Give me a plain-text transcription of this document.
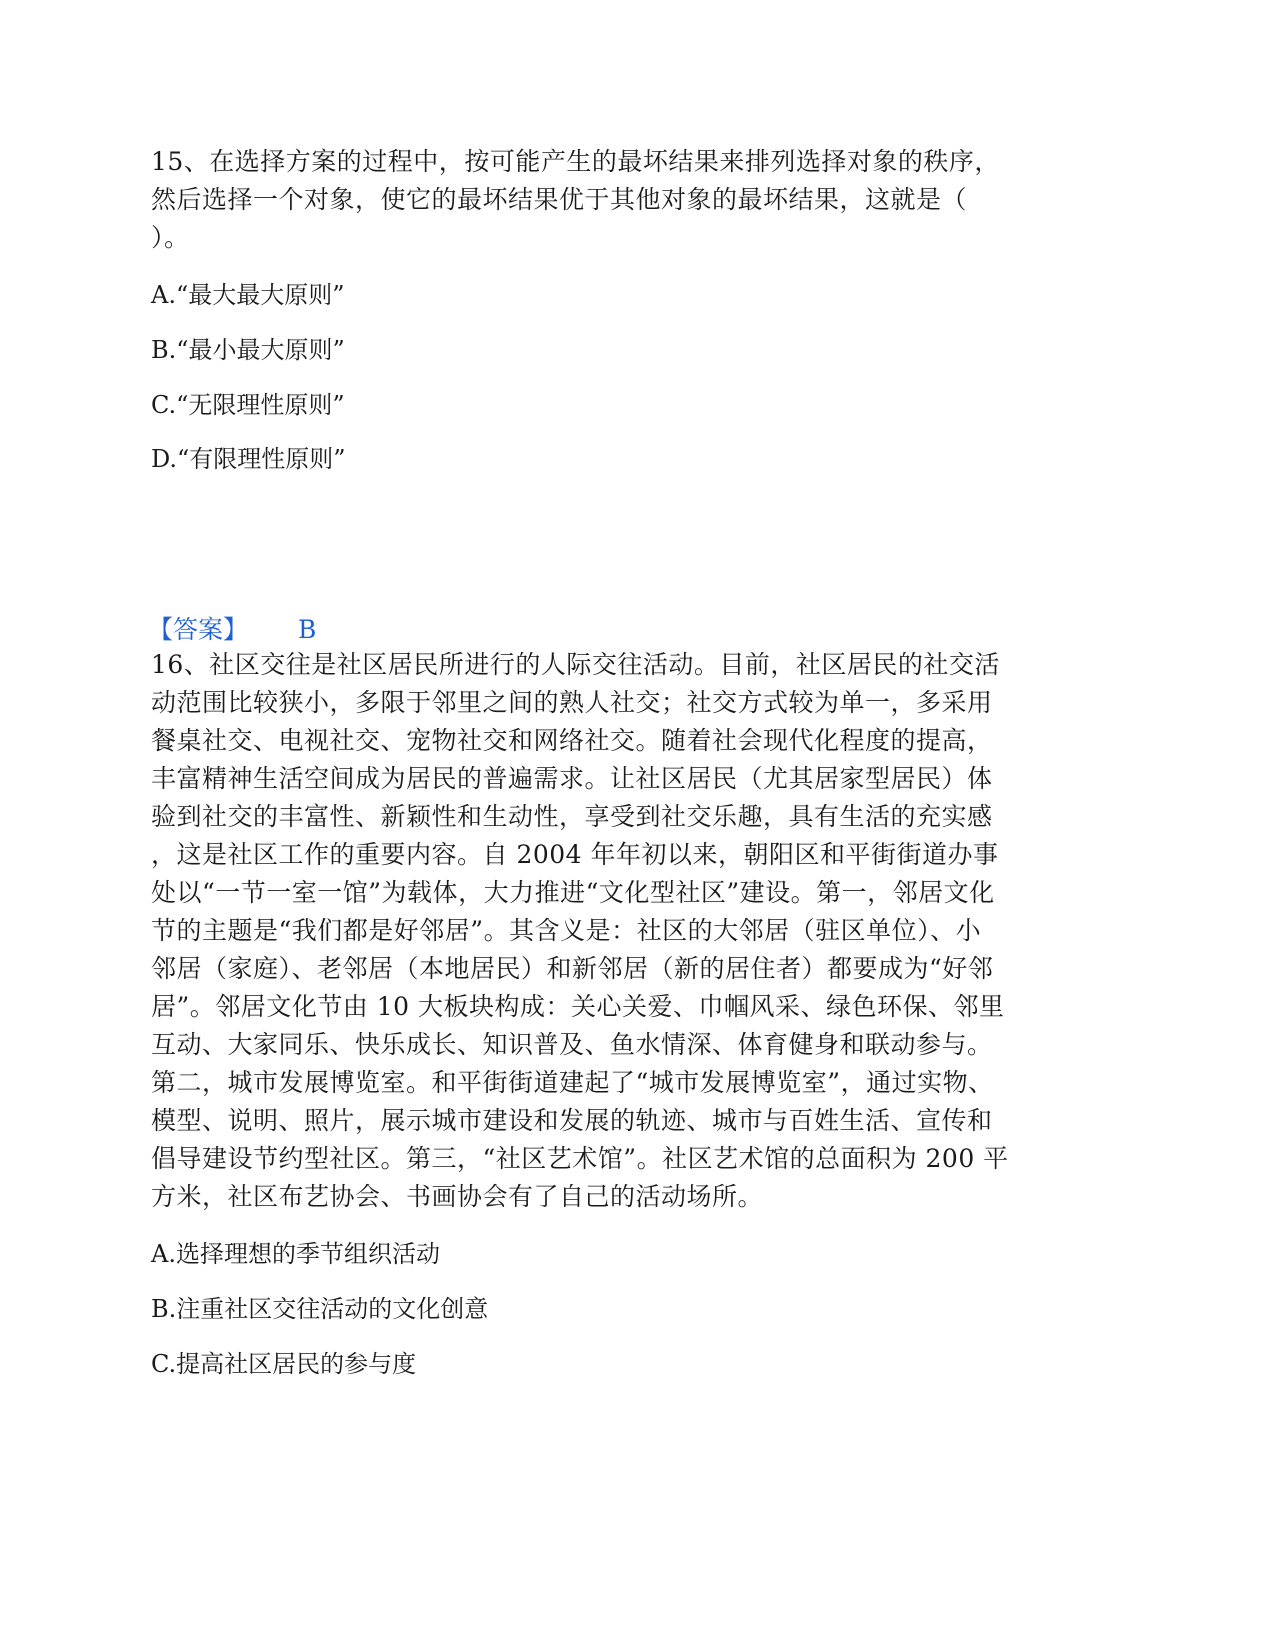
15、在选择方案的过程中，按可能产生的最坏结果来排列选择对象的秩序，
然后选择一个对象，使它的最坏结果优于其他对象的最坏结果，这就是（
）。
A.“最大最大原则”
B.“最小最大原则”
C.“无限理性原则”
D.“有限理性原则”
【答案】 B
16、社区交往是社区居民所进行的人际交往活动。目前，社区居民的社交活
动范围比较狭小，多限于邻里之间的熟人社交；社交方式较为单一，多采用
餐桌社交、电视社交、宠物社交和网络社交。随着社会现代化程度的提高，
丰富精神生活空间成为居民的普遍需求。让社区居民（尤其居家型居民）体
验到社交的丰富性、新颖性和生动性，享受到社交乐趣，具有生活的充实感
，这是社区工作的重要内容。自 2004 年年初以来，朝阳区和平街街道办事
处以“一节一室一馆”为载体，大力推进“文化型社区”建设。第一，邻居文化
节的主题是“我们都是好邻居”。其含义是：社区的大邻居（驻区单位）、小
邻居（家庭）、老邻居（本地居民）和新邻居（新的居住者）都要成为“好邻
居”。邻居文化节由 10 大板块构成：关心关爱、巾帼风采、绿色环保、邻里
互动、大家同乐、快乐成长、知识普及、鱼水情深、体育健身和联动参与。
第二，城市发展博览室。和平街街道建起了“城市发展博览室”，通过实物、
模型、说明、照片，展示城市建设和发展的轨迹、城市与百姓生活、宣传和
倡导建设节约型社区。第三，“社区艺术馆”。社区艺术馆的总面积为 200 平
方米，社区布艺协会、书画协会有了自己的活动场所。
A.选择理想的季节组织活动
B.注重社区交往活动的文化创意
C.提高社区居民的参与度
